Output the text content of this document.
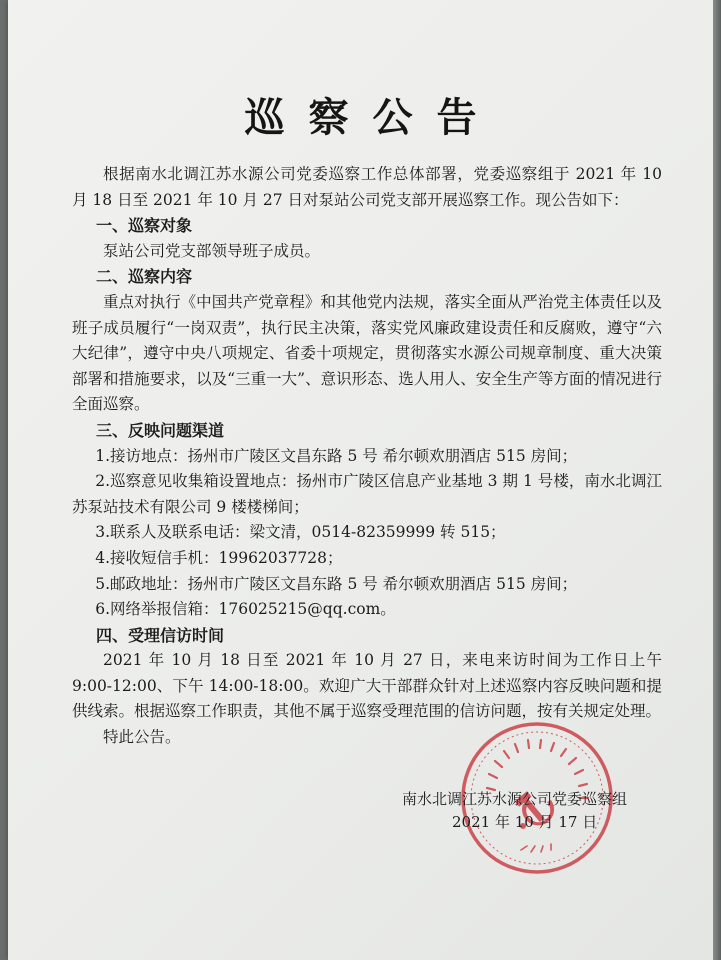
巡察公告

根据南水北调江苏水源公司党委巡察工作总体部署，党委巡察组于 2021 年 10 月 18 日至 2021 年 10 月 27 日对泵站公司党支部开展巡察工作。现公告如下：

一、巡察对象

泵站公司党支部领导班子成员。

二、巡察内容

重点对执行《中国共产党章程》和其他党内法规，落实全面从严治党主体责任以及班子成员履行“一岗双责”，执行民主决策，落实党风廉政建设责任和反腐败，遵守“六大纪律”，遵守中央八项规定、省委十项规定，贯彻落实水源公司规章制度、重大决策部署和措施要求，以及“三重一大”、意识形态、选人用人、安全生产等方面的情况进行全面巡察。

三、反映问题渠道

1.接访地点：扬州市广陵区文昌东路 5 号 希尔顿欢朋酒店 515 房间；

2.巡察意见收集箱设置地点：扬州市广陵区信息产业基地 3 期 1 号楼，南水北调江苏泵站技术有限公司 9 楼楼梯间；

3.联系人及联系电话：梁文清，0514-82359999 转 515；

4.接收短信手机：19962037728；

5.邮政地址：扬州市广陵区文昌东路 5 号 希尔顿欢朋酒店 515 房间；

6.网络举报信箱：176025215@qq.com。

四、受理信访时间

2021 年 10 月 18 日至 2021 年 10 月 27 日，来电来访时间为工作日上午 9:00-12:00、下午 14:00-18:00。欢迎广大干部群众针对上述巡察内容反映问题和提供线索。根据巡察工作职责，其他不属于巡察受理范围的信访问题，按有关规定处理。

特此公告。

南水北调江苏水源公司党委巡察组
2021 年 10 月 17 日
